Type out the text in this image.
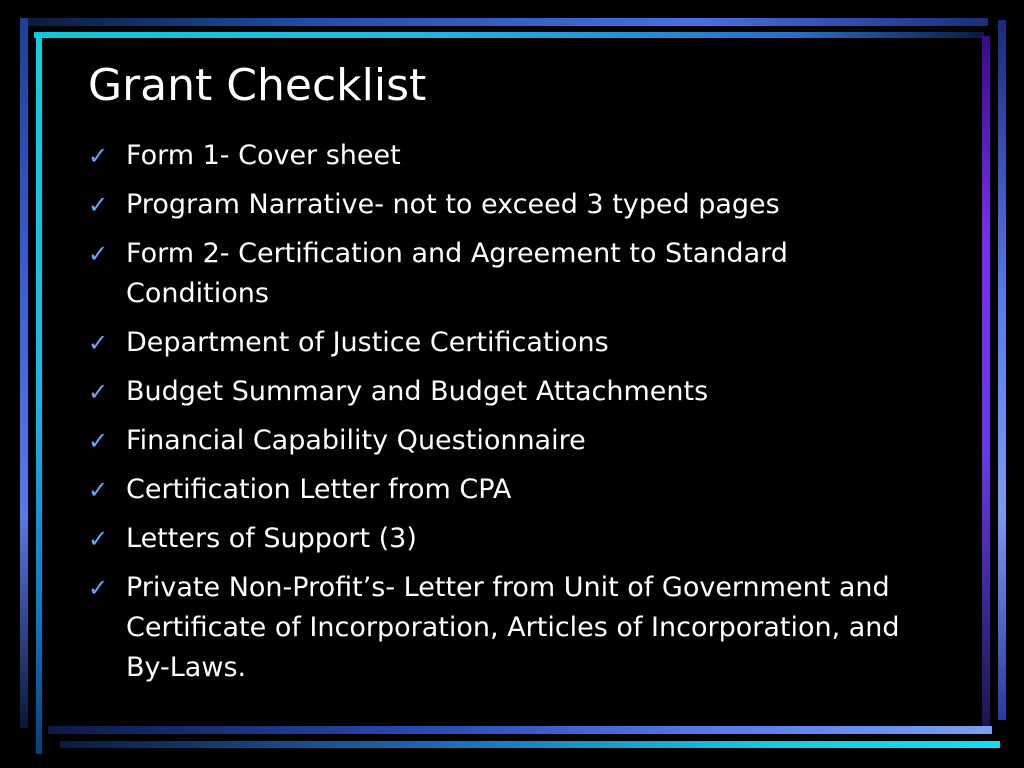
Grant Checklist
✓ Form 1- Cover sheet
✓ Program Narrative- not to exceed 3 typed pages
✓ Form 2- Certification and Agreement to Standard Conditions
✓ Department of Justice Certifications
✓ Budget Summary and Budget Attachments
✓ Financial Capability Questionnaire
✓ Certification Letter from CPA
✓ Letters of Support (3)
✓ Private Non-Profit’s- Letter from Unit of Government and Certificate of Incorporation, Articles of Incorporation, and By-Laws.
